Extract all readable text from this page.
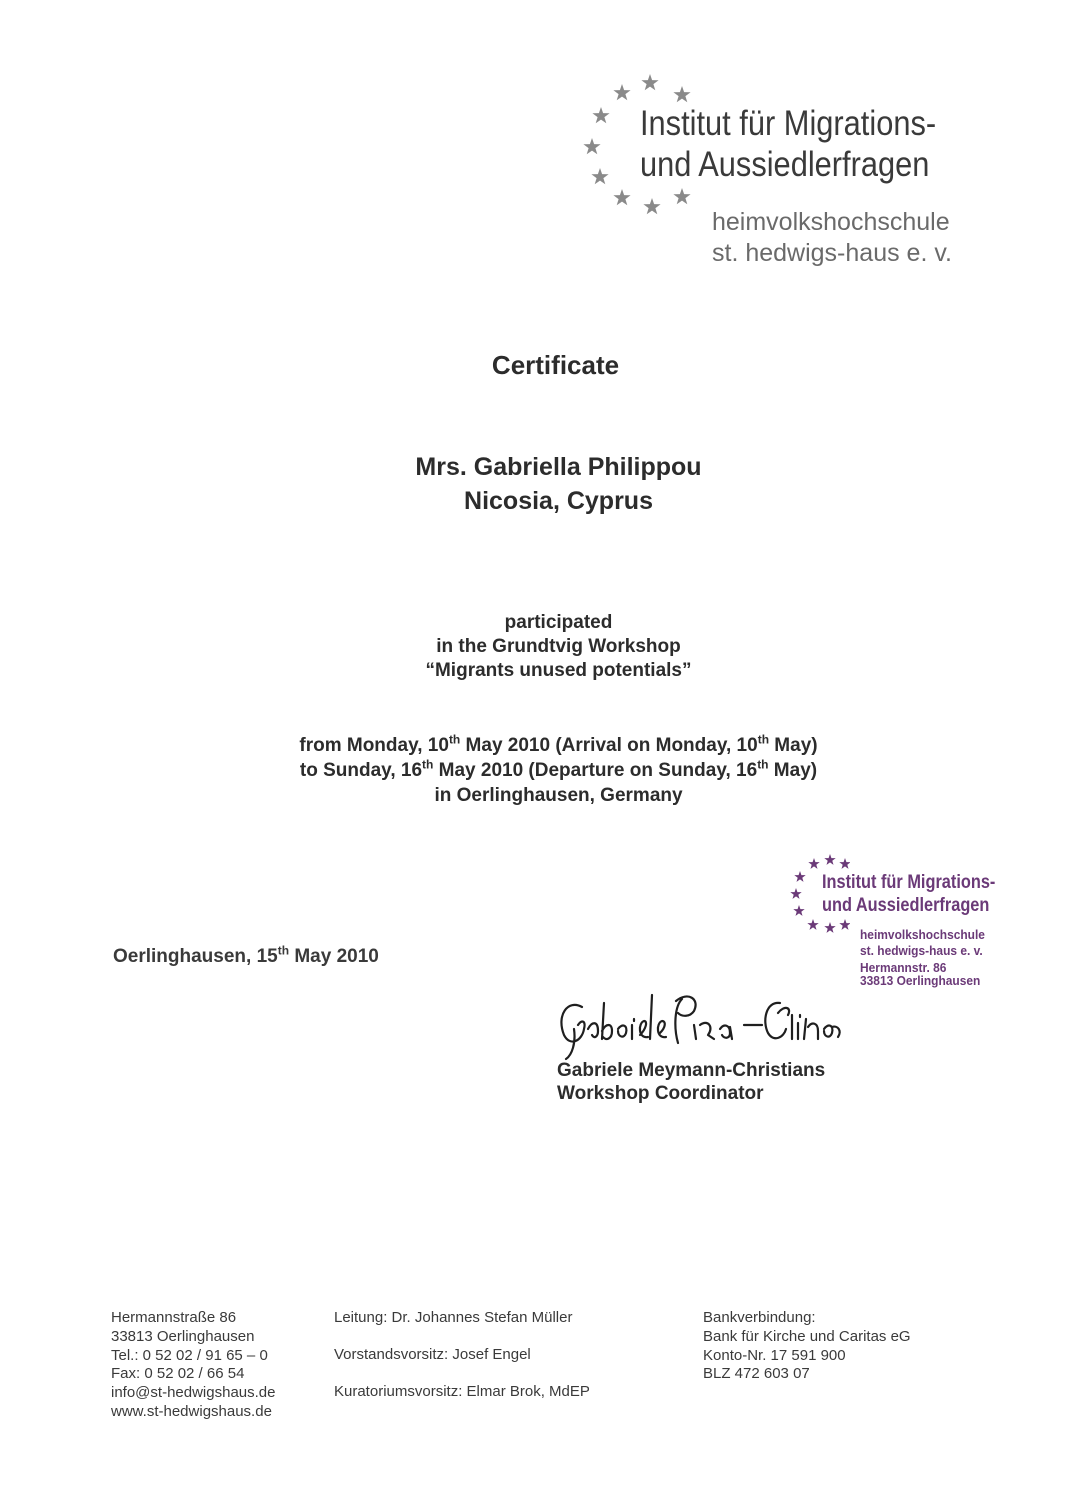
Institut für Migrations-
und Aussiedlerfragen
heimvolkshochschule
st. hedwigs-haus e. v.
Certificate
Mrs. Gabriella Philippou
Nicosia, Cyprus
participated
in the Grundtvig Workshop
“Migrants unused potentials”
from Monday, 10th May 2010 (Arrival on Monday, 10th May)
to Sunday, 16th May 2010 (Departure on Sunday, 16th May)
in Oerlinghausen, Germany
Oerlinghausen, 15th May 2010
Institut für Migrations-
und Aussiedlerfragen
heimvolkshochschule
st. hedwigs-haus e. v.
Hermannstr. 86
33813 Oerlinghausen
Gabriele Meymann-Christians
Workshop Coordinator
Hermannstraße 86
33813 Oerlinghausen
Tel.: 0 52 02 / 91 65 – 0
Fax: 0 52 02 / 66 54
info@st-hedwigshaus.de
www.st-hedwigshaus.de
Leitung: Dr. Johannes Stefan Müller
Vorstandsvorsitz: Josef Engel
Kuratoriumsvorsitz: Elmar Brok, MdEP
Bankverbindung:
Bank für Kirche und Caritas eG
Konto-Nr. 17 591 900
BLZ 472 603 07
